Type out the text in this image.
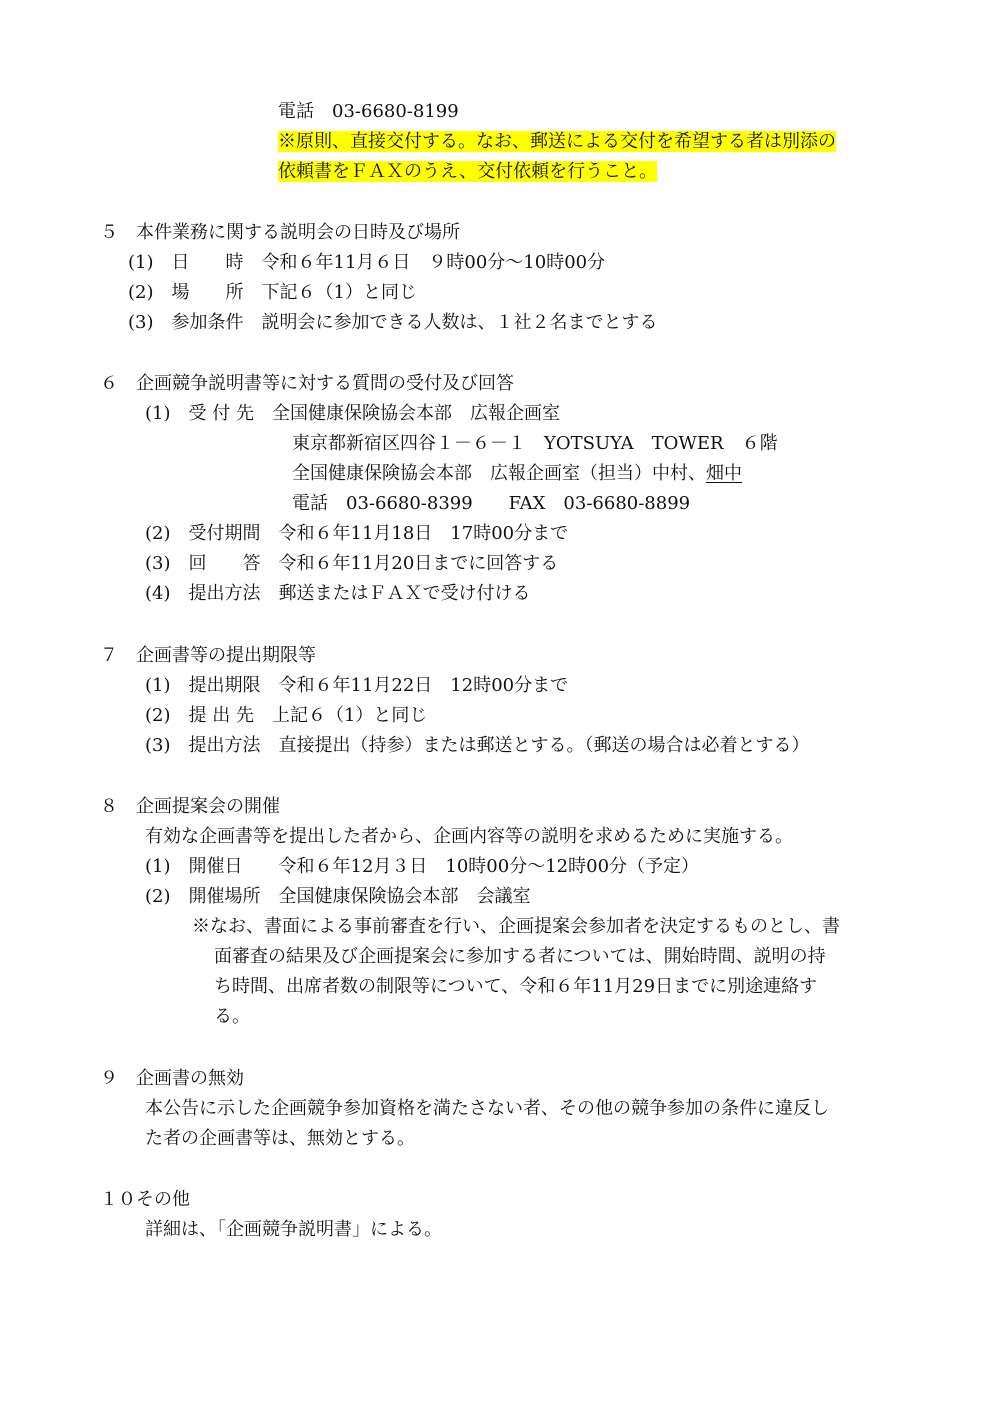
電話　03-6680-8199
※原則、直接交付する。なお、郵送による交付を希望する者は別添の
依頼書をＦＡＸのうえ、交付依頼を行うこと。
５　本件業務に関する説明会の日時及び場所
(1)　日　　時　令和６年11月６日　９時00分～10時00分
(2)　場　　所　下記６（1）と同じ
(3)　参加条件　説明会に参加できる人数は、１社２名までとする
６　企画競争説明書等に対する質問の受付及び回答
(1)　受 付 先　全国健康保険協会本部　広報企画室
東京都新宿区四谷１－６－１　YOTSUYA　TOWER　６階
全国健康保険協会本部　広報企画室（担当）中村、畑中
電話　03-6680-8399　　FAX　03-6680-8899
(2)　受付期間　令和６年11月18日　17時00分まで
(3)　回　　答　令和６年11月20日までに回答する
(4)　提出方法　郵送またはＦＡＸで受け付ける
７　企画書等の提出期限等
(1)　提出期限　令和６年11月22日　12時00分まで
(2)　提 出 先　上記６（1）と同じ
(3)　提出方法　直接提出（持参）または郵送とする。（郵送の場合は必着とする）
８　企画提案会の開催
有効な企画書等を提出した者から、企画内容等の説明を求めるために実施する。
(1)　開催日　　令和６年12月３日　10時00分～12時00分（予定）
(2)　開催場所　全国健康保険協会本部　会議室
※なお、書面による事前審査を行い、企画提案会参加者を決定するものとし、書
面審査の結果及び企画提案会に参加する者については、開始時間、説明の持
ち時間、出席者数の制限等について、令和６年11月29日までに別途連絡す
る。
９　企画書の無効
本公告に示した企画競争参加資格を満たさない者、その他の競争参加の条件に違反し
た者の企画書等は、無効とする。
１０その他
詳細は、「企画競争説明書」による。
